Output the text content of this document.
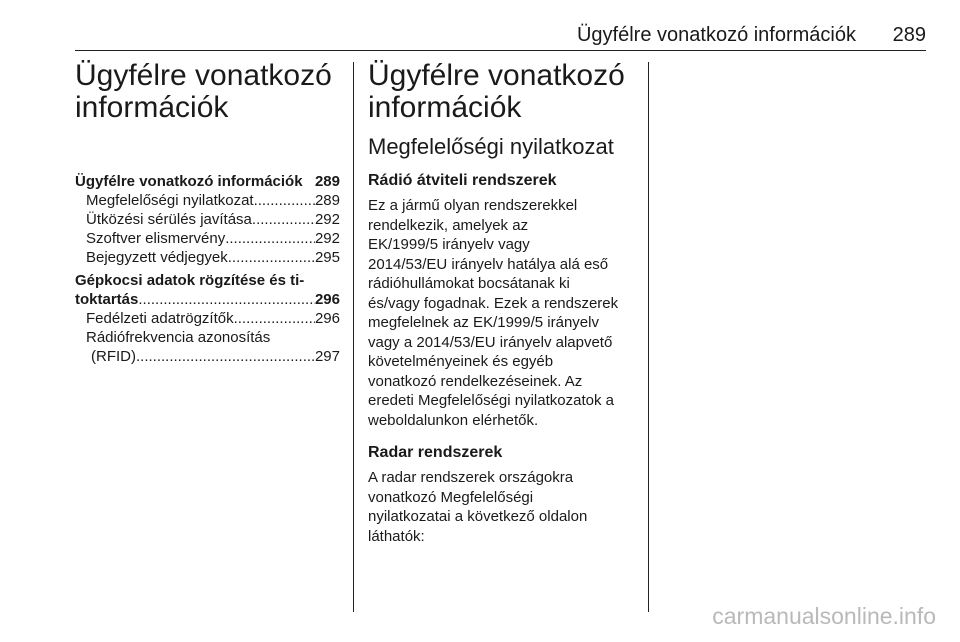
Ügyfélre vonatkozó információk 289
Ügyfélre vonatkozó
információk
Ügyfélre vonatkozó információk 289
Megfelelőségi nyilatkozat .....	289
Ütközési sérülés javítása .....	292
Szoftver elismervény .....	292
Bejegyzett védjegyek .....	295
Gépkocsi adatok rögzítése és ti-
toktartás .....	296
Fedélzeti adatrögzítők .....	296
Rádiófrekvencia azonosítás
(RFID) .....	297
Ügyfélre vonatkozó
információk
Megfelelőségi nyilatkozat
Rádió átviteli rendszerek

Ez a jármű olyan rendszerekkel
rendelkezik, amelyek az
EK/1999/5 irányelv vagy
2014/53/EU irányelv hatálya alá eső
rádióhullámokat bocsátanak ki
és/vagy fogadnak. Ezek a rendszerek
megfelelnek az EK/1999/5 irányelv
vagy a 2014/53/EU irányelv alapvető
követelményeinek és egyéb
vonatkozó rendelkezéseinek. Az
eredeti Megfelelőségi nyilatkozatok a
weboldalunkon elérhetők.

Radar rendszerek

A radar rendszerek országokra
vonatkozó Megfelelőségi
nyilatkozatai a következő oldalon
láthatók:

carmanualsonline.info
